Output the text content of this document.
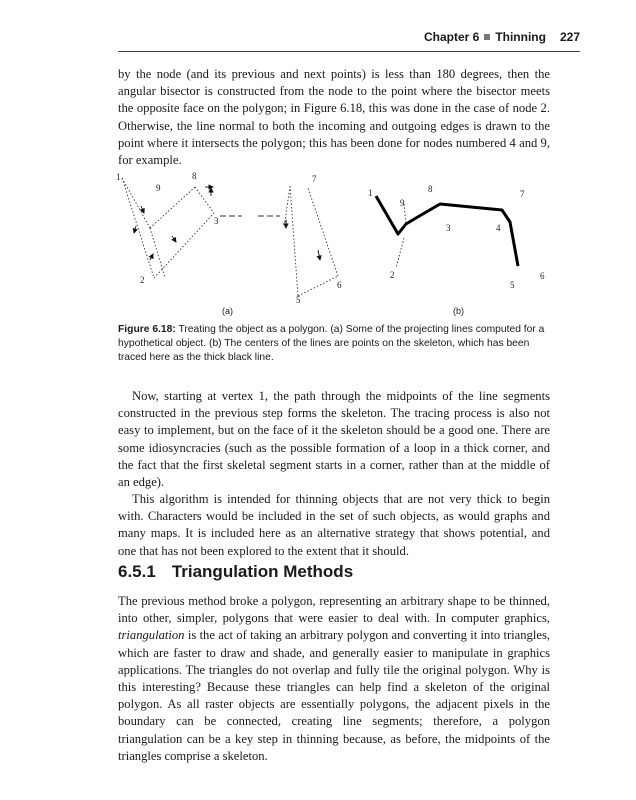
Chapter 6 Thinning 227

by the node (and its previous and next points) is less than 180 degrees, then the angular bisector is constructed from the node to the point where the bisector meets the opposite face on the polygon; in Figure 6.18, this was done in the case of node 2. Otherwise, the line normal to both the incoming and outgoing edges is drawn to the point where it intersects the polygon; this has been done for nodes numbered 4 and 9, for example.

1
9
8	7
3	4
2	6
5
1
9
8	7
3	4
2	6
5
(a)	(b)

Figure 6.18: Treating the object as a polygon. (a) Some of the projecting lines computed for a hypothetical object. (b) The centers of the lines are points on the skeleton, which has been traced here as the thick black line.

Now, starting at vertex 1, the path through the midpoints of the line segments constructed in the previous step forms the skeleton. The tracing process is also not easy to implement, but on the face of it the skeleton should be a good one. There are some idiosyncracies (such as the possible formation of a loop in a thick corner, and the fact that the first skeletal segment starts in a corner, rather than at the middle of an edge).

This algorithm is intended for thinning objects that are not very thick to begin with. Characters would be included in the set of such objects, as would graphs and many maps. It is included here as an alternative strategy that shows potential, and one that has not been explored to the extent that it should.

6.5.1 Triangulation Methods

The previous method broke a polygon, representing an arbitrary shape to be thinned, into other, simpler, polygons that were easier to deal with. In computer graphics, triangulation is the act of taking an arbitrary polygon and converting it into triangles, which are faster to draw and shade, and generally easier to manipulate in graphics applications. The triangles do not overlap and fully tile the original polygon. Why is this interesting? Because these triangles can help find a skeleton of the original polygon. As all raster objects are essentially polygons, the adjacent pixels in the boundary can be connected, creating line segments; therefore, a polygon triangulation can be a key step in thinning because, as before, the midpoints of the triangles comprise a skeleton.
